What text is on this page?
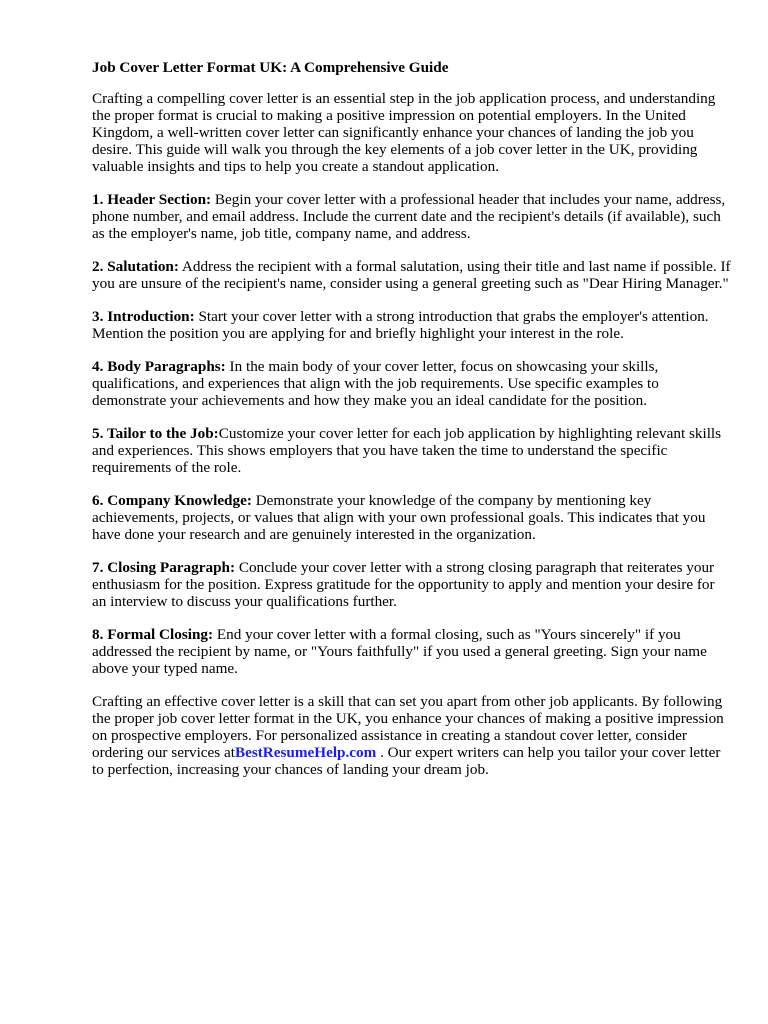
Job Cover Letter Format UK: A Comprehensive Guide

Crafting a compelling cover letter is an essential step in the job application process, and understanding the proper format is crucial to making a positive impression on potential employers. In the United Kingdom, a well-written cover letter can significantly enhance your chances of landing the job you desire. This guide will walk you through the key elements of a job cover letter in the UK, providing valuable insights and tips to help you create a standout application.

1. Header Section: Begin your cover letter with a professional header that includes your name, address, phone number, and email address. Include the current date and the recipient's details (if available), such as the employer's name, job title, company name, and address.

2. Salutation: Address the recipient with a formal salutation, using their title and last name if possible. If you are unsure of the recipient's name, consider using a general greeting such as "Dear Hiring Manager."

3. Introduction: Start your cover letter with a strong introduction that grabs the employer's attention. Mention the position you are applying for and briefly highlight your interest in the role.

4. Body Paragraphs: In the main body of your cover letter, focus on showcasing your skills, qualifications, and experiences that align with the job requirements. Use specific examples to demonstrate your achievements and how they make you an ideal candidate for the position.

5. Tailor to the Job:Customize your cover letter for each job application by highlighting relevant skills and experiences. This shows employers that you have taken the time to understand the specific requirements of the role.

6. Company Knowledge: Demonstrate your knowledge of the company by mentioning key achievements, projects, or values that align with your own professional goals. This indicates that you have done your research and are genuinely interested in the organization.

7. Closing Paragraph: Conclude your cover letter with a strong closing paragraph that reiterates your enthusiasm for the position. Express gratitude for the opportunity to apply and mention your desire for an interview to discuss your qualifications further.

8. Formal Closing: End your cover letter with a formal closing, such as "Yours sincerely" if you addressed the recipient by name, or "Yours faithfully" if you used a general greeting. Sign your name above your typed name.

Crafting an effective cover letter is a skill that can set you apart from other job applicants. By following the proper job cover letter format in the UK, you enhance your chances of making a positive impression on prospective employers. For personalized assistance in creating a standout cover letter, consider ordering our services atBestResumeHelp.com . Our expert writers can help you tailor your cover letter to perfection, increasing your chances of landing your dream job.
